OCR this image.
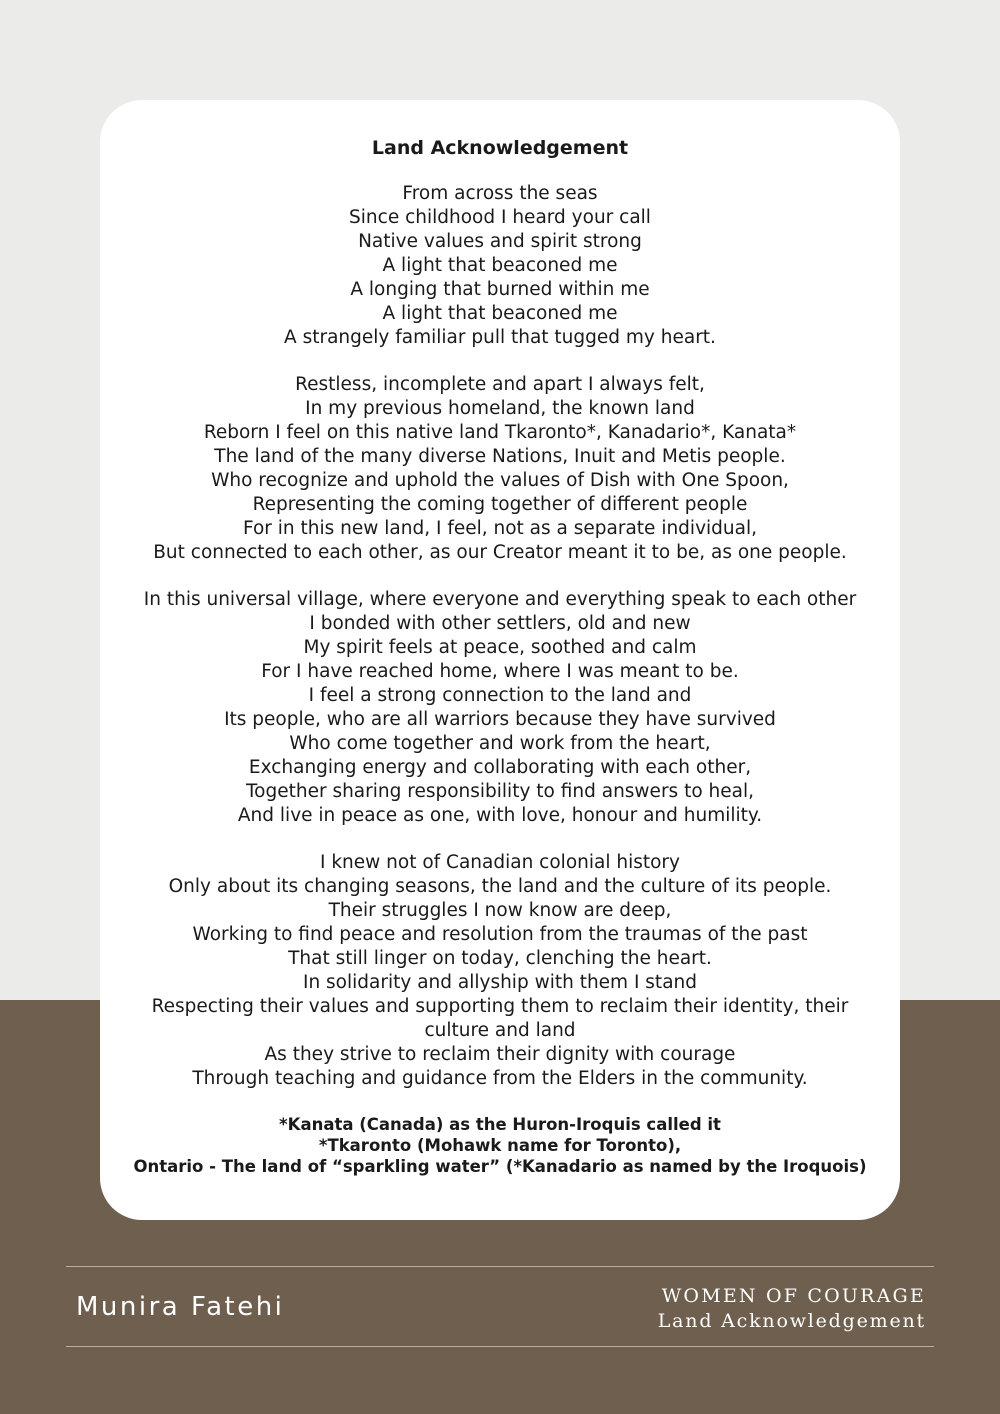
Land Acknowledgement
From across the seas
Since childhood I heard your call
Native values and spirit strong
A light that beaconed me
A longing that burned within me
A light that beaconed me
A strangely familiar pull that tugged my heart.
Restless, incomplete and apart I always felt,
In my previous homeland, the known land
Reborn I feel on this native land Tkaronto*, Kanadario*, Kanata*
The land of the many diverse Nations, Inuit and Metis people.
Who recognize and uphold the values of Dish with One Spoon,
Representing the coming together of different people
For in this new land, I feel, not as a separate individual,
But connected to each other, as our Creator meant it to be, as one people.
In this universal village, where everyone and everything speak to each other
I bonded with other settlers, old and new
My spirit feels at peace, soothed and calm
For I have reached home, where I was meant to be.
I feel a strong connection to the land and
Its people, who are all warriors because they have survived
Who come together and work from the heart,
Exchanging energy and collaborating with each other,
Together sharing responsibility to find answers to heal,
And live in peace as one, with love, honour and humility.
I knew not of Canadian colonial history
Only about its changing seasons, the land and the culture of its people.
Their struggles I now know are deep,
Working to find peace and resolution from the traumas of the past
That still linger on today, clenching the heart.
In solidarity and allyship with them I stand
Respecting their values and supporting them to reclaim their identity, their culture and land
As they strive to reclaim their dignity with courage
Through teaching and guidance from the Elders in the community.
*Kanata (Canada) as the Huron-Iroquis called it
*Tkaronto (Mohawk name for Toronto),
Ontario - The land of “sparkling water” (*Kanadario as named by the Iroquois)
Munira Fatehi	WOMEN OF COURAGE
Land Acknowledgement
